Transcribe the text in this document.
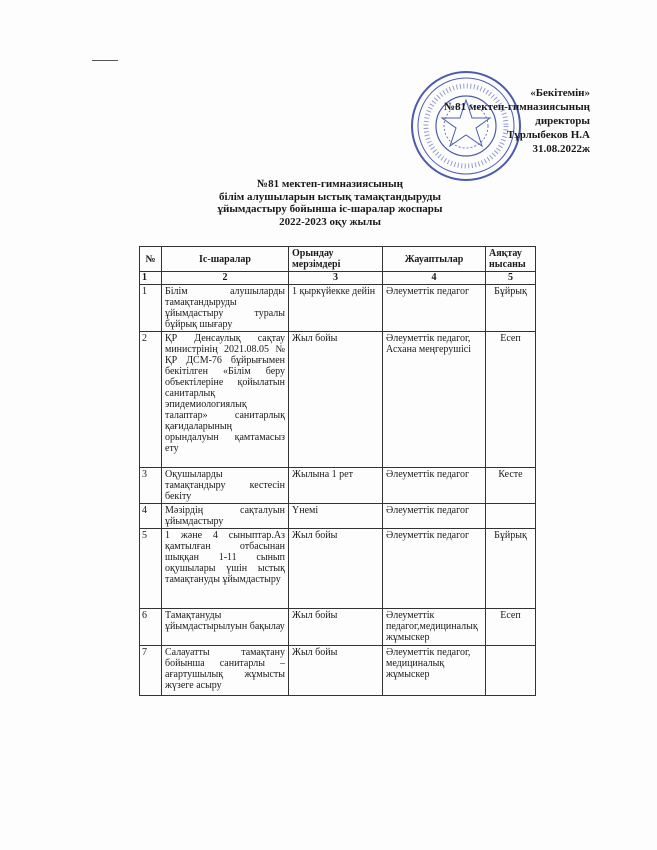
«Бекітемін»
№81 мектеп-гимназиясының
директоры
Тұрлыбеков Н.А
31.08.2022ж
№81 мектеп-гимназиясының
білім алушыларын ыстық тамақтандыруды
ұйымдастыру бойынша іс-шаралар жоспары
2022-2023 оқу жылы
№	Іс-шаралар	Орындау мерзімдері	Жауаптылар	Аяқтау нысаны
1	2	3	4	5
1	Білім алушыларды тамақтандыруды ұйымдастыру туралы бұйрық шығару	1 қыркүйекке дейін	Әлеуметтік педагог	Бұйрық
2	ҚР Денсаулық сақтау министрінің 2021.08.05 № ҚР ДСМ-76 бұйрығымен бекітілген «Білім беру объектілеріне қойылатын санитарлық эпидемиологиялық талаптар» санитарлық қағидаларының орындалуын қамтамасыз ету	Жыл бойы	Әлеуметтік педагог, Асхана меңгерушісі	Есеп
3	Оқушыларды тамақтандыру кестесін бекіту	Жылына 1 рет	Әлеуметтік педагог	Кесте
4	Мәзірдің сақталуын ұйымдастыру	Үнемі	Әлеуметтік педагог	
5	1 және 4 сыныптар.Аз қамтылған отбасынан шыққан 1-11 сынып оқушылары үшін ыстық тамақтануды ұйымдастыру	Жыл бойы	Әлеуметтік педагог	Бұйрық
6	Тамақтануды ұйымдастырылуын бақылау	Жыл бойы	Әлеуметтік педагог,медициналық жұмыскер	Есеп
7	Салауатты тамақтану бойынша санитарлы – ағартушылық жұмысты жүзеге асыру	Жыл бойы	Әлеуметтік педагог, медициналық жұмыскер	
